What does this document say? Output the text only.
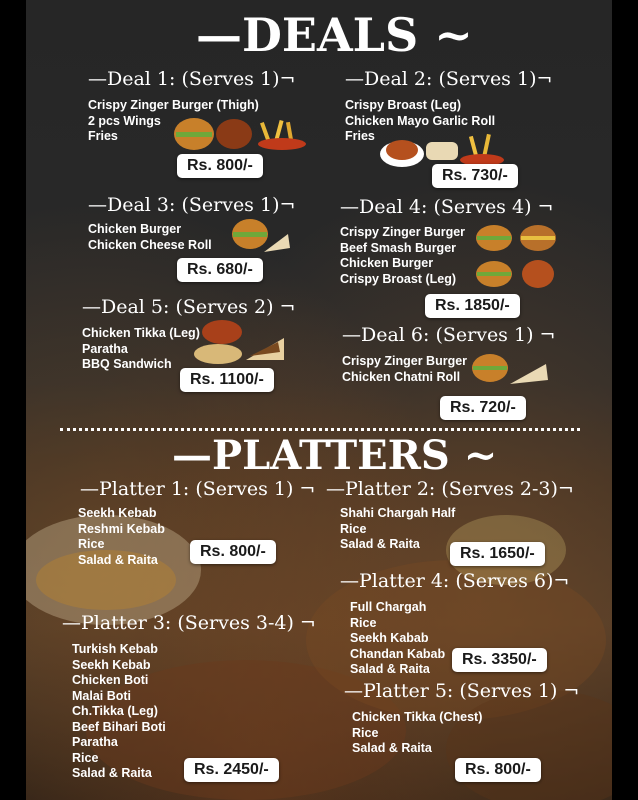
—DEALS ~
—Deal 1: (Serves 1)¬
Crispy Zinger Burger (Thigh)
2 pcs Wings
Fries
Rs. 800/-
—Deal 2: (Serves 1)¬
Crispy Broast (Leg)
Chicken Mayo Garlic Roll
Fries
Rs. 730/-
—Deal 3: (Serves 1)¬
Chicken Burger
Chicken Cheese Roll
Rs. 680/-
—Deal 4: (Serves 4) ¬
Crispy Zinger Burger
Beef Smash Burger
Chicken Burger
Crispy Broast (Leg)
Rs. 1850/-
—Deal 5: (Serves 2) ¬
Chicken Tikka (Leg)
Paratha
BBQ Sandwich
Rs. 1100/-
—Deal 6: (Serves 1) ¬
Crispy Zinger Burger
Chicken Chatni Roll
Rs. 720/-
—PLATTERS ~
—Platter 1: (Serves 1) ¬
Seekh Kebab
Reshmi Kebab
Rice
Salad & Raita	Rs. 800/-
—Platter 2: (Serves 2-3)¬
Shahi Chargah Half
Rice
Salad & Raita
Rs. 1650/-
—Platter 4: (Serves 6)¬
Full Chargah
Rice
Seekh Kabab
Chandan Kabab
Salad & Raita
Rs. 3350/-
—Platter 3: (Serves 3-4) ¬
Turkish Kebab
Seekh Kebab
Chicken Boti
Malai Boti
Ch.Tikka (Leg)
Beef Bihari Boti
Paratha
Rice
Salad & Raita	Rs. 2450/-
—Platter 5: (Serves 1) ¬
Chicken Tikka (Chest)
Rice
Salad & Raita
Rs. 800/-
